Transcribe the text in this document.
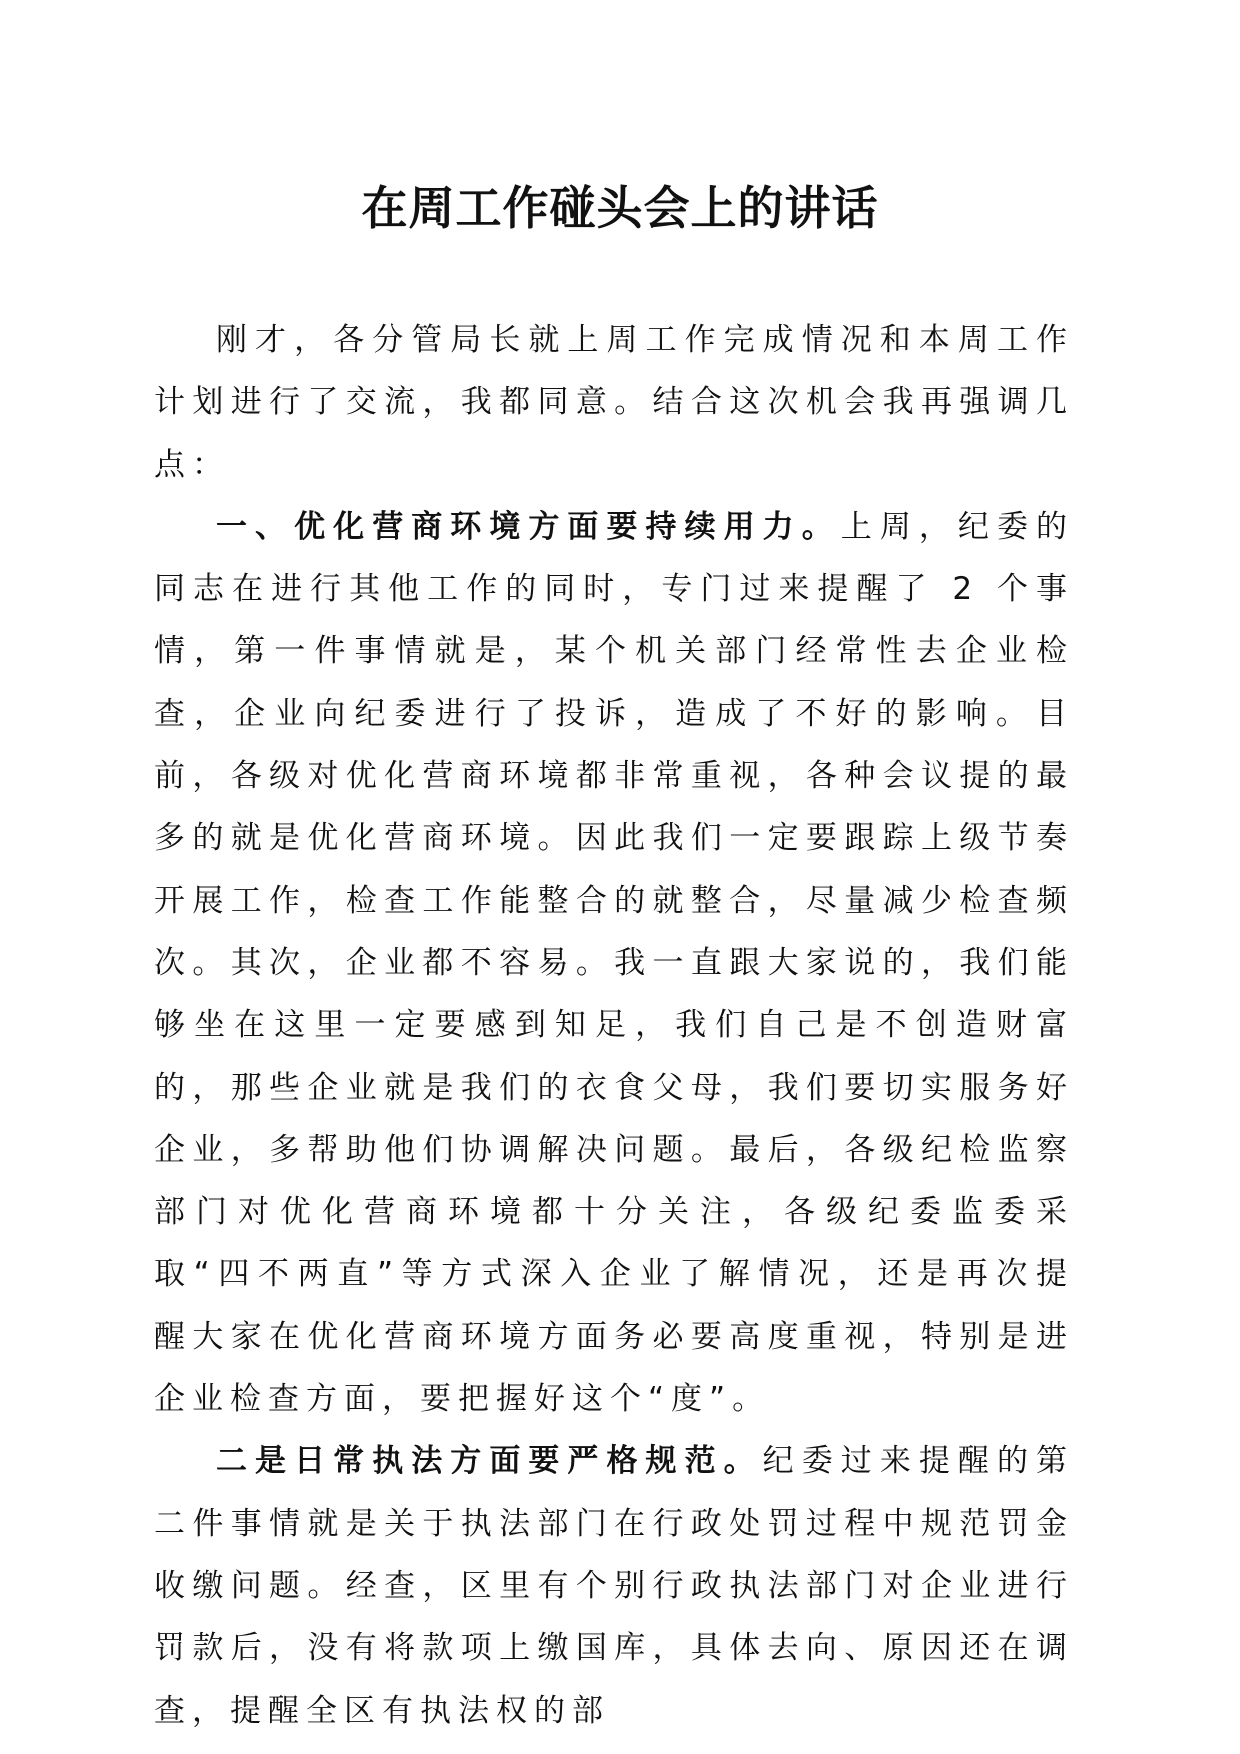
在周工作碰头会上的讲话

刚才，各分管局长就上周工作完成情况和本周工作计划进行了交流，我都同意。结合这次机会我再强调几点：

一、优化营商环境方面要持续用力。上周，纪委的同志在进行其他工作的同时，专门过来提醒了 2 个事情，第一件事情就是，某个机关部门经常性去企业检查，企业向纪委进行了投诉，造成了不好的影响。目前，各级对优化营商环境都非常重视，各种会议提的最多的就是优化营商环境。因此我们一定要跟踪上级节奏开展工作，检查工作能整合的就整合，尽量减少检查频次。其次，企业都不容易。我一直跟大家说的，我们能够坐在这里一定要感到知足，我们自己是不创造财富的，那些企业就是我们的衣食父母，我们要切实服务好企业，多帮助他们协调解决问题。最后，各级纪检监察部门对优化营商环境都十分关注，各级纪委监委采取“四不两直”等方式深入企业了解情况，还是再次提醒大家在优化营商环境方面务必要高度重视，特别是进企业检查方面，要把握好这个“度”。

二是日常执法方面要严格规范。纪委过来提醒的第二件事情就是关于执法部门在行政处罚过程中规范罚金收缴问题。经查，区里有个别行政执法部门对企业进行罚款后，没有将款项上缴国库，具体去向、原因还在调查，提醒全区有执法权的部
